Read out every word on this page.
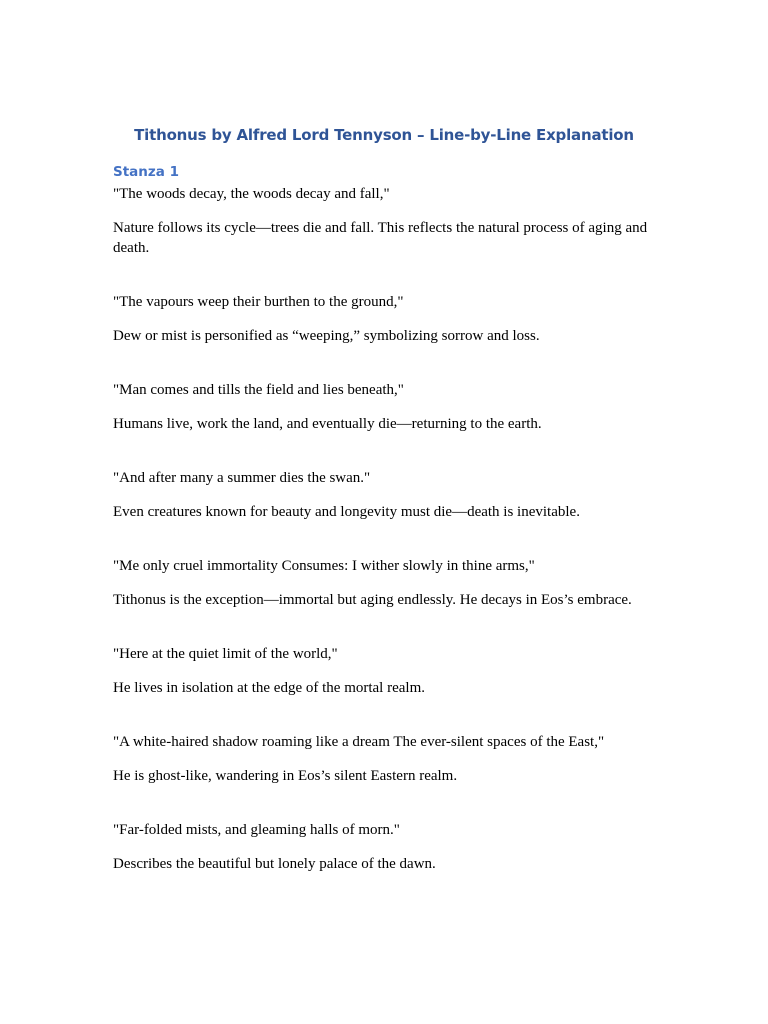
Tithonus by Alfred Lord Tennyson – Line-by-Line Explanation
Stanza 1

"The woods decay, the woods decay and fall,"

Nature follows its cycle—trees die and fall. This reflects the natural process of aging and death.

"The vapours weep their burthen to the ground,"

Dew or mist is personified as “weeping,” symbolizing sorrow and loss.

"Man comes and tills the field and lies beneath,"

Humans live, work the land, and eventually die—returning to the earth.

"And after many a summer dies the swan."

Even creatures known for beauty and longevity must die—death is inevitable.

"Me only cruel immortality Consumes: I wither slowly in thine arms,"

Tithonus is the exception—immortal but aging endlessly. He decays in Eos’s embrace.

"Here at the quiet limit of the world,"

He lives in isolation at the edge of the mortal realm.

"A white-haired shadow roaming like a dream The ever-silent spaces of the East,"

He is ghost-like, wandering in Eos’s silent Eastern realm.

"Far-folded mists, and gleaming halls of morn."

Describes the beautiful but lonely palace of the dawn.
